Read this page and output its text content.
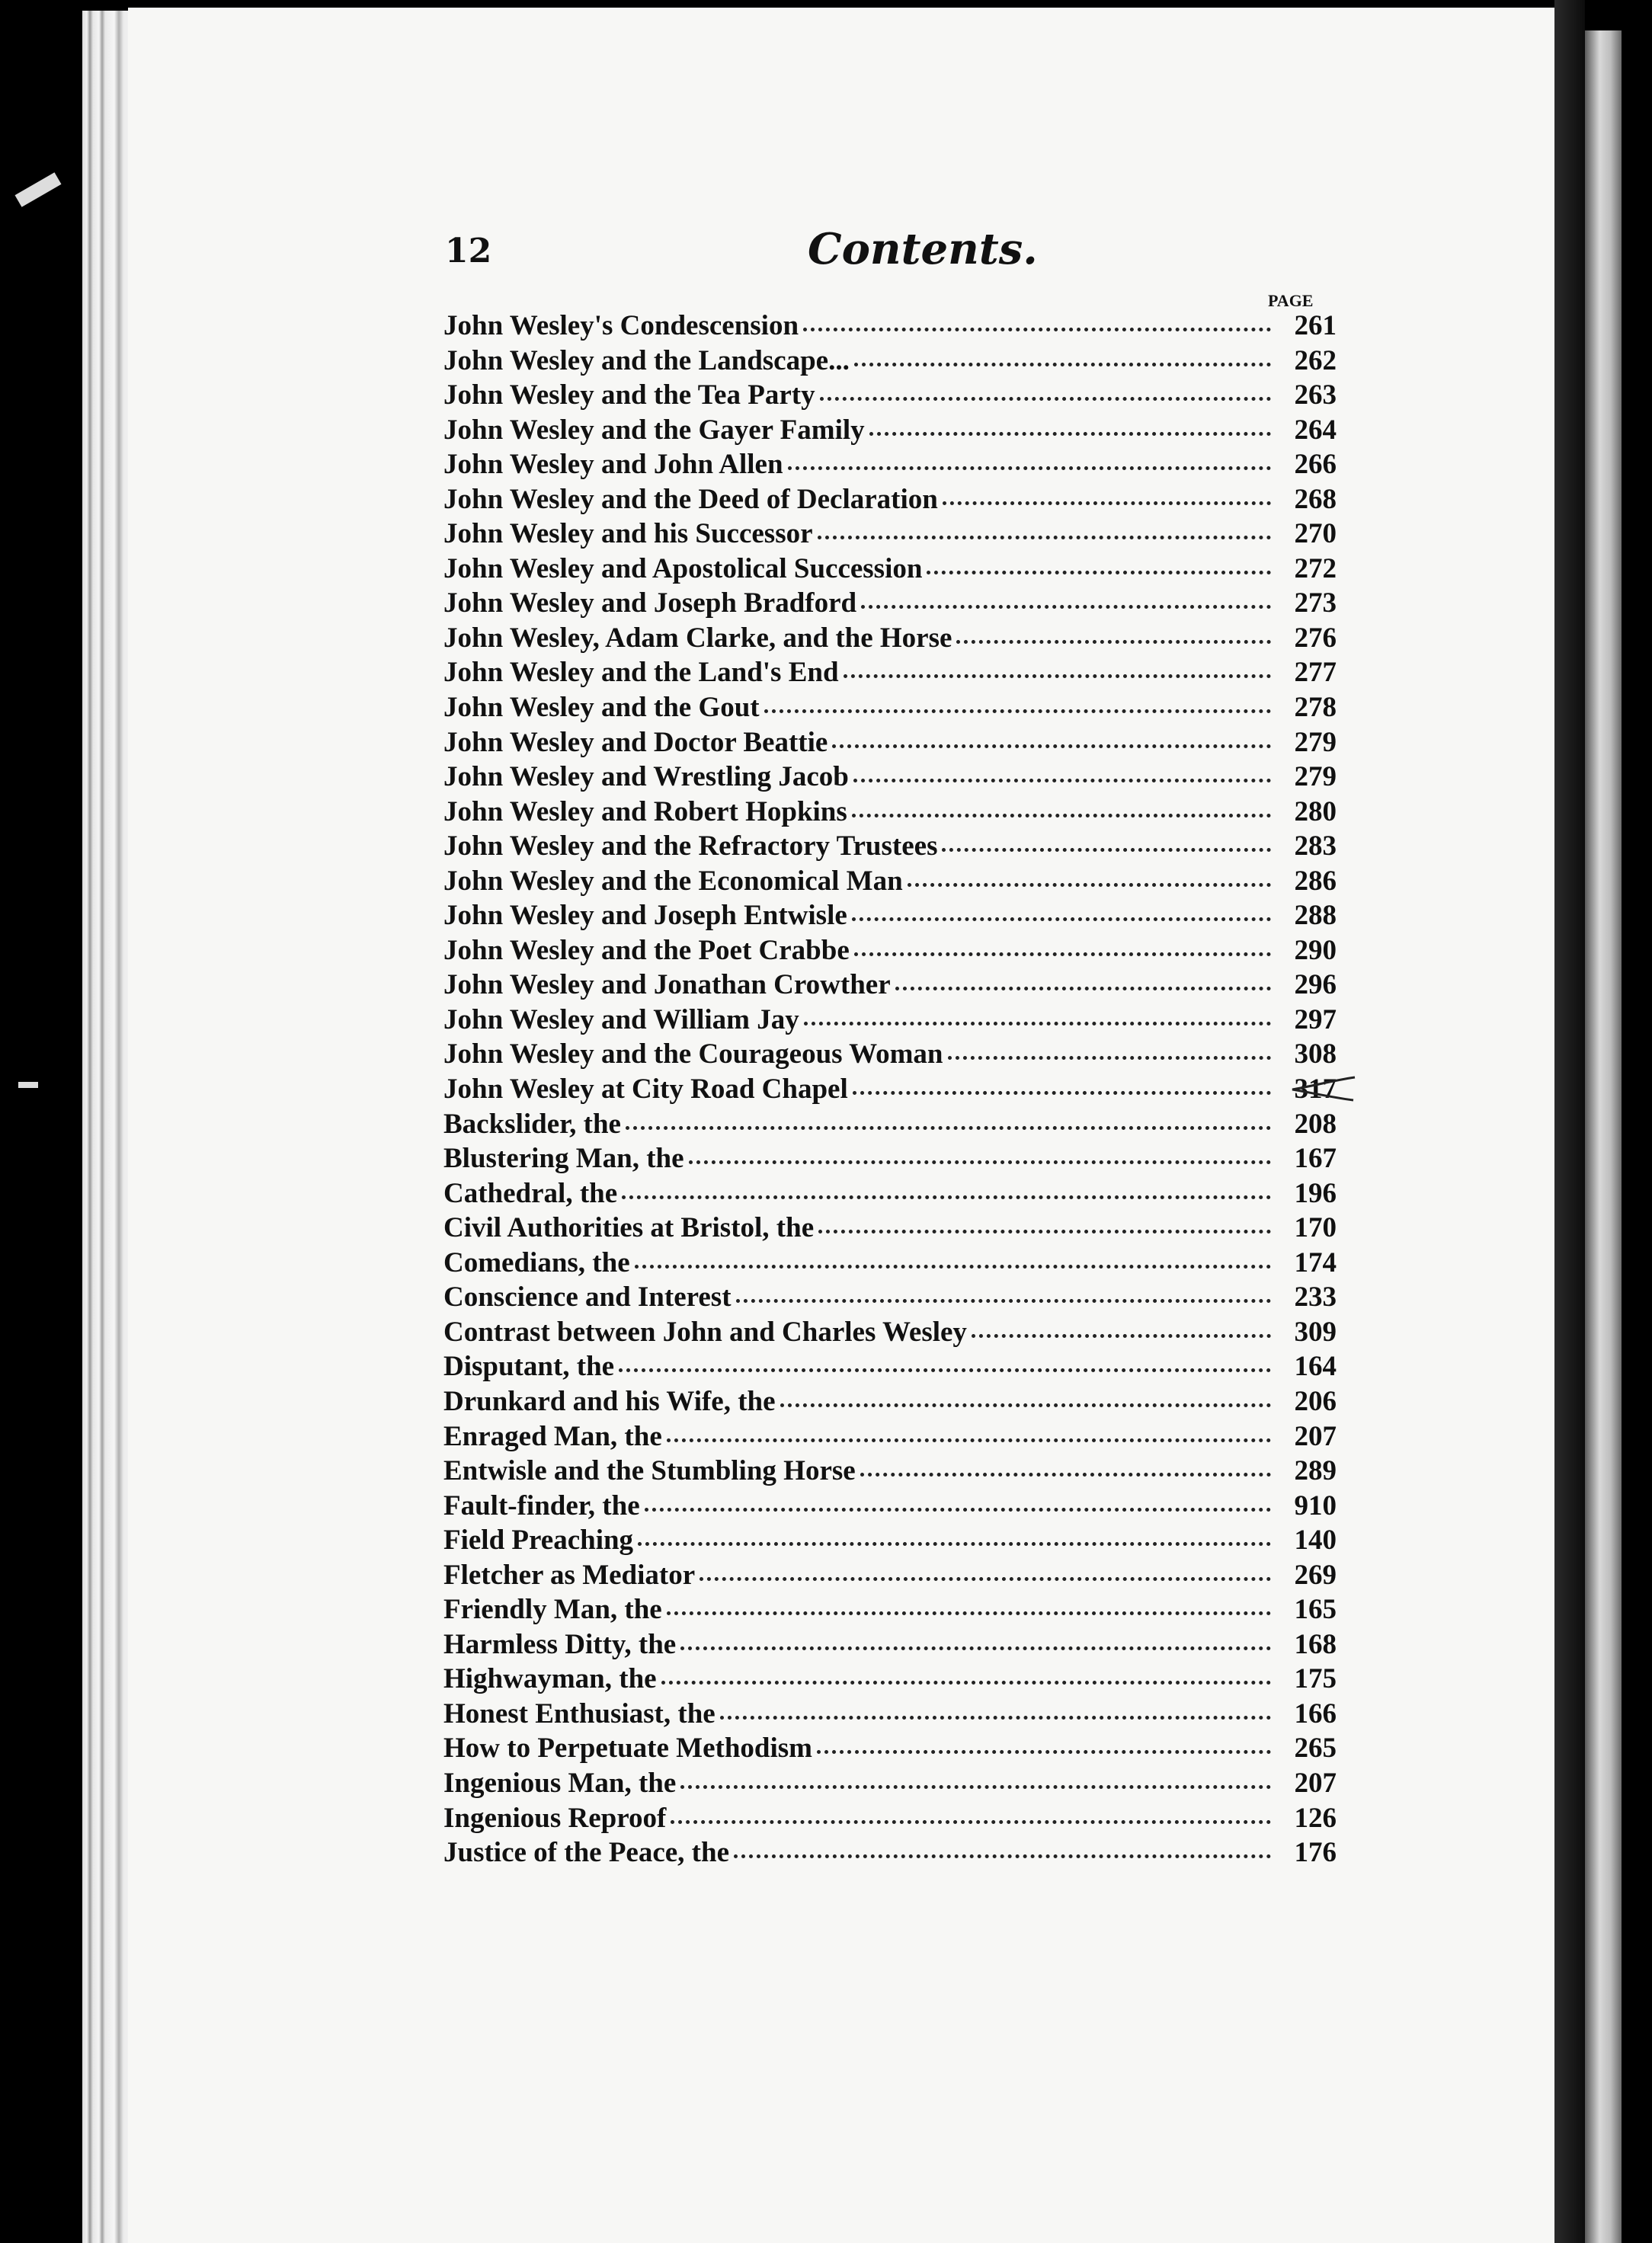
12	Contents.
PAGE
John Wesley's Condescension	261
John Wesley and the Landscape...	262
John Wesley and the Tea Party	263
John Wesley and the Gayer Family	264
John Wesley and John Allen	266
John Wesley and the Deed of Declaration	268
John Wesley and his Successor	270
John Wesley and Apostolical Succession	272
John Wesley and Joseph Bradford	273
John Wesley, Adam Clarke, and the Horse	276
John Wesley and the Land's End	277
John Wesley and the Gout	278
John Wesley and Doctor Beattie	279
John Wesley and Wrestling Jacob	279
John Wesley and Robert Hopkins	280
John Wesley and the Refractory Trustees	283
John Wesley and the Economical Man	286
John Wesley and Joseph Entwisle	288
John Wesley and the Poet Crabbe	290
John Wesley and Jonathan Crowther	296
John Wesley and William Jay	297
John Wesley and the Courageous Woman	308
John Wesley at City Road Chapel	317
Backslider, the	208
Blustering Man, the	167
Cathedral, the	196
Civil Authorities at Bristol, the	170
Comedians, the	174
Conscience and Interest	233
Contrast between John and Charles Wesley	309
Disputant, the	164
Drunkard and his Wife, the	206
Enraged Man, the	207
Entwisle and the Stumbling Horse	289
Fault-finder, the	910
Field Preaching	140
Fletcher as Mediator	269
Friendly Man, the	165
Harmless Ditty, the	168
Highwayman, the	175
Honest Enthusiast, the	166
How to Perpetuate Methodism	265
Ingenious Man, the	207
Ingenious Reproof	126
Justice of the Peace, the	176
